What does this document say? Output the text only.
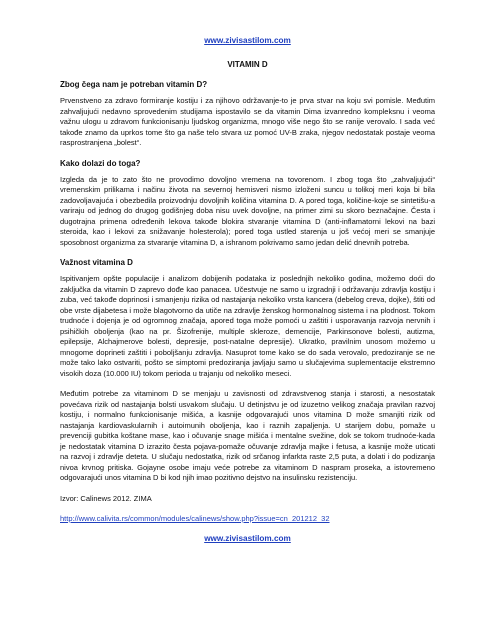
www.zivisastilom.com
VITAMIN D
Zbog čega nam je potreban vitamin D?

Prvenstveno za zdravo formiranje kostiju i za njihovo održavanje-to je prva stvar na koju svi pomisle. Međutim zahvaljujući nedavno sprovedenim studijama ispostavilo se da vitamin Dima izvanredno kompleksnu i veoma važnu ulogu u zdravom funkcionisanju ljudskog organizma, mnogo više nego što se ranije verovalo. I sada već takođe znamo da uprkos tome što ga naše telo stvara uz pomoć UV-B zraka, njegov nedostatak postaje veoma rasprostranjena „bolest“.

Kako dolazi do toga?

Izgleda da je to zato što ne provodimo dovoljno vremena na tovorenom. I zbog toga što „zahvaljujući“ vremenskim prilikama i načinu života na severnoj hemisveri nismo izloženi suncu u tolikoj meri koja bi bila zadovoljavajuća i obezbedila proizvodnju dovoljnih količina vitamina D. A pored toga, količine-koje se sintetišu-a variraju od jednog do drugog godišnjeg doba nisu uvek dovoljne, na primer zimi su skoro beznačajne. Česta i dugotrajna primena određenih lekova takođe blokira stvaranje vitamina D (anti-inflamatorni lekovi na bazi steroida, kao i lekovi za snižavanje holesterola); pored toga ustled starenja u još većoj meri se smanjuje sposobnost organizma za stvaranje vitamina D, a ishranom pokrivamo samo jedan delić dnevnih potreba.

Važnost vitamina D

Ispitivanjem opšte populacije i analizom dobijenih podataka iz poslednjih nekoliko godina, možemo doći do zaključka da vitamin D zaprevo dođe kao panacea. Učestvuje ne samo u izgradnji i održavanju zdravlja kostiju i zuba, već takođe doprinosi i smanjenju rizika od nastajanja nekoliko vrsta kancera (debelog creva, dojke), štiti od obe vrste dijabetesa i može blagotvorno da utiče na zdravlje ženskog hormonalnog sistema i na plodnost. Tokom trudnoće i dojenja je od ogromnog značaja, apored toga može pomoći u zaštiti i usporavanja razvoja nervnih i psihičkih oboljenja (kao na pr. Šizofrenije, multiple skleroze, demencije, Parkinsonove bolesti, autizma, epilepsije, Alchajmerove bolesti, depresije, post-natalne depresije). Ukratko, pravilnim unosom možemo u mnogome doprineti zaštiti i poboljšanju zdravlja. Nasuprot tome kako se do sada verovalo, predoziranje se ne može tako lako ostvariti, pošto se simptomi predoziranja javljaju samo u slučajevima suplementacije ekstremno visokih doza (10.000 IU) tokom perioda u trajanju od nekoliko meseci.

Međutim potrebe za vitaminom D se menjaju u zavisnosti od zdravstvenog stanja i starosti, a nesostatak povećava rizik od nastajanja bolsti usvakom slučaju. U detinjstvu je od izuzetno velikog značaja pravilan razvoj kostiju, i normalno funkcionisanje mišića, a kasnije odgovarajući unos vitamina D može smanjiti rizik od nastajanja kardiovaskularnih i autoimunih oboljenja, kao i raznih zapaljenja. U starijem dobu, pomaže u prevenciji gubitka koštane mase, kao i očuvanje snage mišića i mentalne svežine, dok se tokom trudnoće-kada je nedostatak vitamina D izrazito česta pojava-pomaže očuvanje zdravlja majke i fetusa, a kasnije može uticati na razvoj i zdravlje deteta. U slučaju nedostatka, rizik od srčanog infarkta raste 2,5 puta, a dolati i do podizanja nivoa krvnog pritiska. Gojayne osobe imaju veće potrebe za vitaminom D naspram proseka, a istovremeno odgovarajući unos vitamina D bi kod njih imao pozitivno dejstvo na insulinsku rezistenciju.

Izvor: Calinews 2012. ZIMA
http://www.calivita.rs/common/modules/calinews/show.php?issue=cn_201212_32
www.zivisastilom.com
